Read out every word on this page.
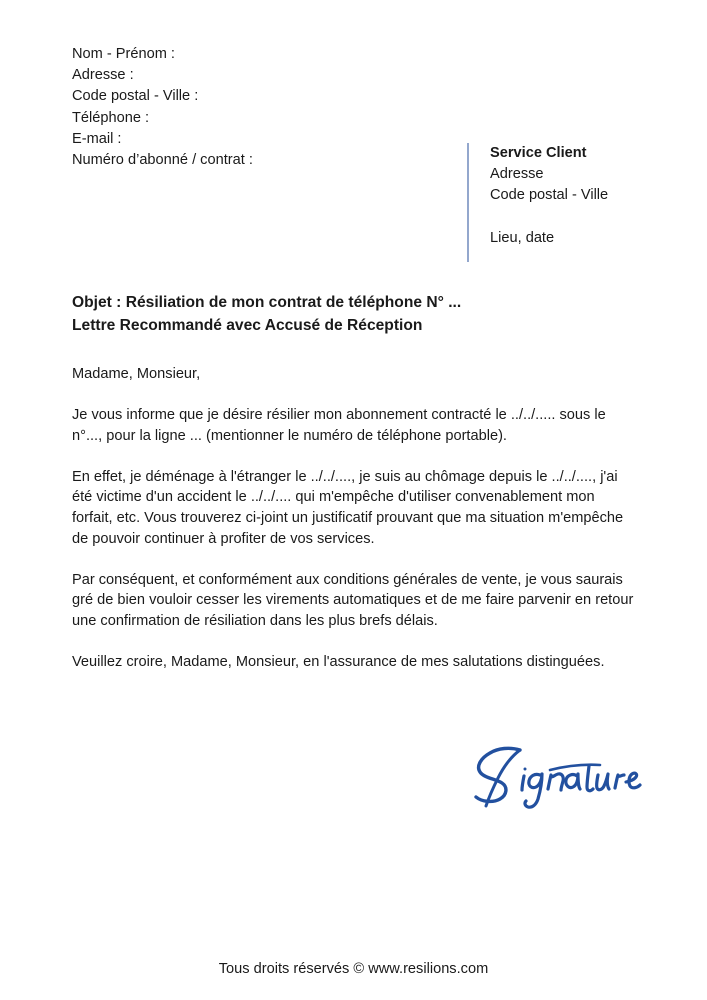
Nom - Prénom :
Adresse :
Code postal - Ville :
Téléphone :
E-mail :
Numéro d’abonné / contrat :	Service Client
Adresse
Code postal - Ville
Lieu, date
Objet : Résiliation de mon contrat de téléphone N° ...
Lettre Recommandé avec Accusé de Réception

Madame, Monsieur,

Je vous informe que je désire résilier mon abonnement contracté le ../../..... sous le n°..., pour la ligne ... (mentionner le numéro de téléphone portable).

En effet, je déménage à l'étranger le ../../...., je suis au chômage depuis le ../../...., j'ai été victime d'un accident le ../../.... qui m'empêche d'utiliser convenablement mon forfait, etc. Vous trouverez ci-joint un justificatif prouvant que ma situation m'empêche de pouvoir continuer à profiter de vos services.

Par conséquent, et conformément aux conditions générales de vente, je vous saurais gré de bien vouloir cesser les virements automatiques et de me faire parvenir en retour une confirmation de résiliation dans les plus brefs délais.

Veuillez croire, Madame, Monsieur, en l'assurance de mes salutations distinguées.

Tous droits réservés © www.resilions.com
